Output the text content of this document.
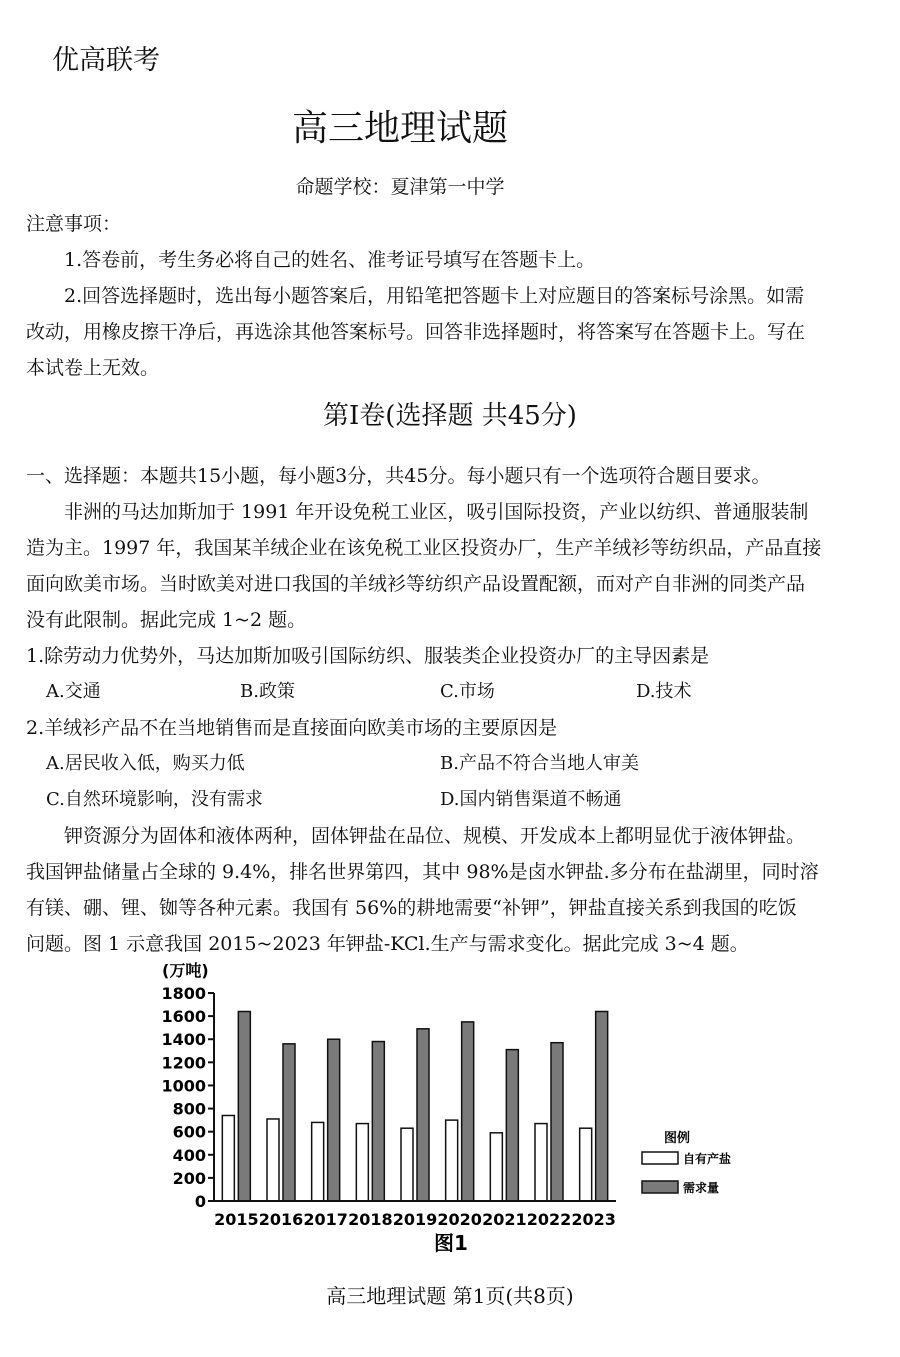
优高联考
高三地理试题
命题学校：夏津第一中学
注意事项：
1.答卷前，考生务必将自己的姓名、准考证号填写在答题卡上。
2.回答选择题时，选出每小题答案后，用铅笔把答题卡上对应题目的答案标号涂黑。如需
改动，用橡皮擦干净后，再选涂其他答案标号。回答非选择题时，将答案写在答题卡上。写在
本试卷上无效。
第Ⅰ卷(选择题 共45分)
一、选择题：本题共15小题，每小题3分，共45分。每小题只有一个选项符合题目要求。
非洲的马达加斯加于 1991 年开设免税工业区，吸引国际投资，产业以纺织、普通服装制
造为主。1997 年，我国某羊绒企业在该免税工业区投资办厂，生产羊绒衫等纺织品，产品直接
面向欧美市场。当时欧美对进口我国的羊绒衫等纺织产品设置配额，而对产自非洲的同类产品
没有此限制。据此完成 1~2 题。
1.除劳动力优势外，马达加斯加吸引国际纺织、服装类企业投资办厂的主导因素是
A.交通	B.政策	C.市场	D.技术
2.羊绒衫产品不在当地销售而是直接面向欧美市场的主要原因是
A.居民收入低，购买力低	B.产品不符合当地人审美
C.自然环境影响，没有需求	D.国内销售渠道不畅通
钾资源分为固体和液体两种，固体钾盐在品位、规模、开发成本上都明显优于液体钾盐。
我国钾盐储量占全球的 9.4%，排名世界第四，其中 98%是卤水钾盐.多分布在盐湖里，同时溶
有镁、硼、锂、铷等各种元素。我国有 56%的耕地需要“补钾”，钾盐直接关系到我国的吃饭
问题。图 1 示意我国 2015~2023 年钾盐-KCl.生产与需求变化。据此完成 3~4 题。
(万吨)
0
200
400
600
800
1000
1200
1400
1600
1800
2015 2016 2017 2018 2019 2020 2021 2022 2023
图例
自有产盐
需求量
图1
高三地理试题 第1页(共8页)
